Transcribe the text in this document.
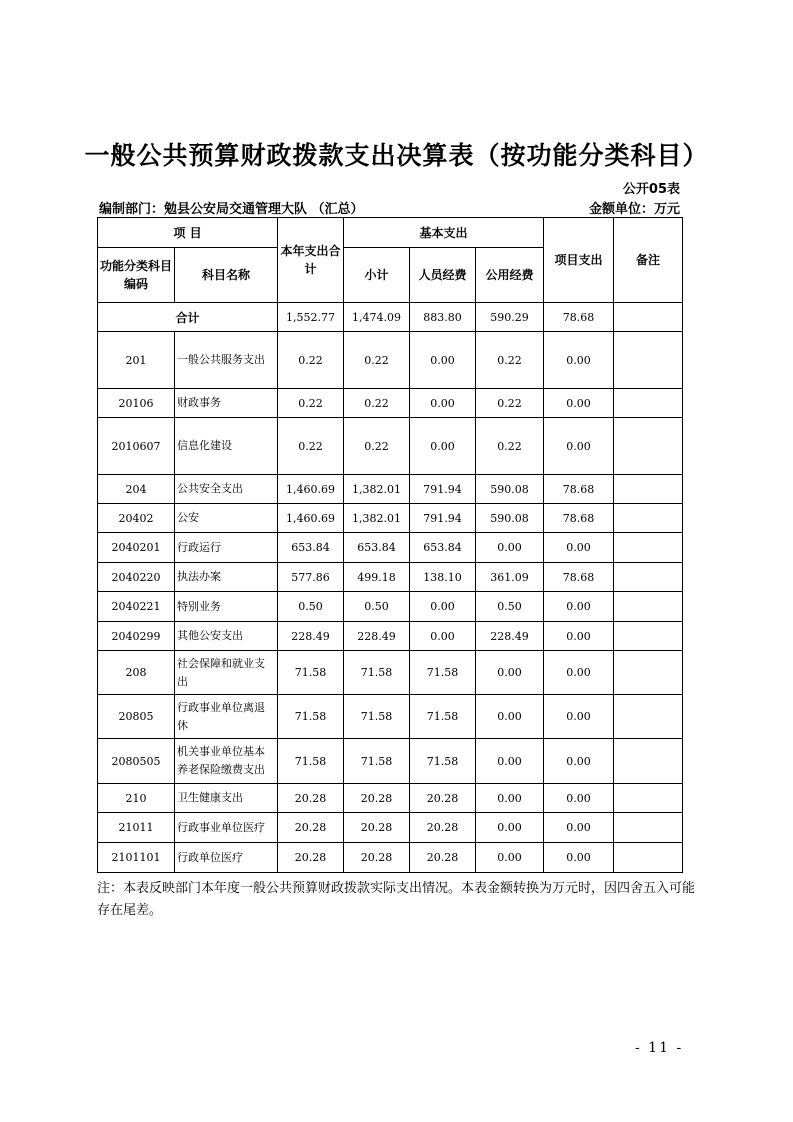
一般公共预算财政拨款支出决算表（按功能分类科目）
公开05表
编制部门：勉县公安局交通管理大队 （汇总）	金额单位：万元
项 目		本年支出合计	基本支出			项目支出	备注
功能分类科目编码	科目名称		小计	人员经费	公用经费		
合计		1,552.77	1,474.09	883.80	590.29	78.68	
201	一般公共服务支出	0.22	0.22	0.00	0.22	0.00	
20106	财政事务	0.22	0.22	0.00	0.22	0.00	
2010607	信息化建设	0.22	0.22	0.00	0.22	0.00	
204	公共安全支出	1,460.69	1,382.01	791.94	590.08	78.68	
20402	公安	1,460.69	1,382.01	791.94	590.08	78.68	
2040201	行政运行	653.84	653.84	653.84	0.00	0.00	
2040220	执法办案	577.86	499.18	138.10	361.09	78.68	
2040221	特别业务	0.50	0.50	0.00	0.50	0.00	
2040299	其他公安支出	228.49	228.49	0.00	228.49	0.00	
208	社会保障和就业支出	71.58	71.58	71.58	0.00	0.00	
20805	行政事业单位离退休	71.58	71.58	71.58	0.00	0.00	
2080505	机关事业单位基本养老保险缴费支出	71.58	71.58	71.58	0.00	0.00	
210	卫生健康支出	20.28	20.28	20.28	0.00	0.00	
21011	行政事业单位医疗	20.28	20.28	20.28	0.00	0.00	
2101101	行政单位医疗	20.28	20.28	20.28	0.00	0.00	
注：本表反映部门本年度一般公共预算财政拨款实际支出情况。本表金额转换为万元时，因四舍五入可能存在尾差。
- 11 -
